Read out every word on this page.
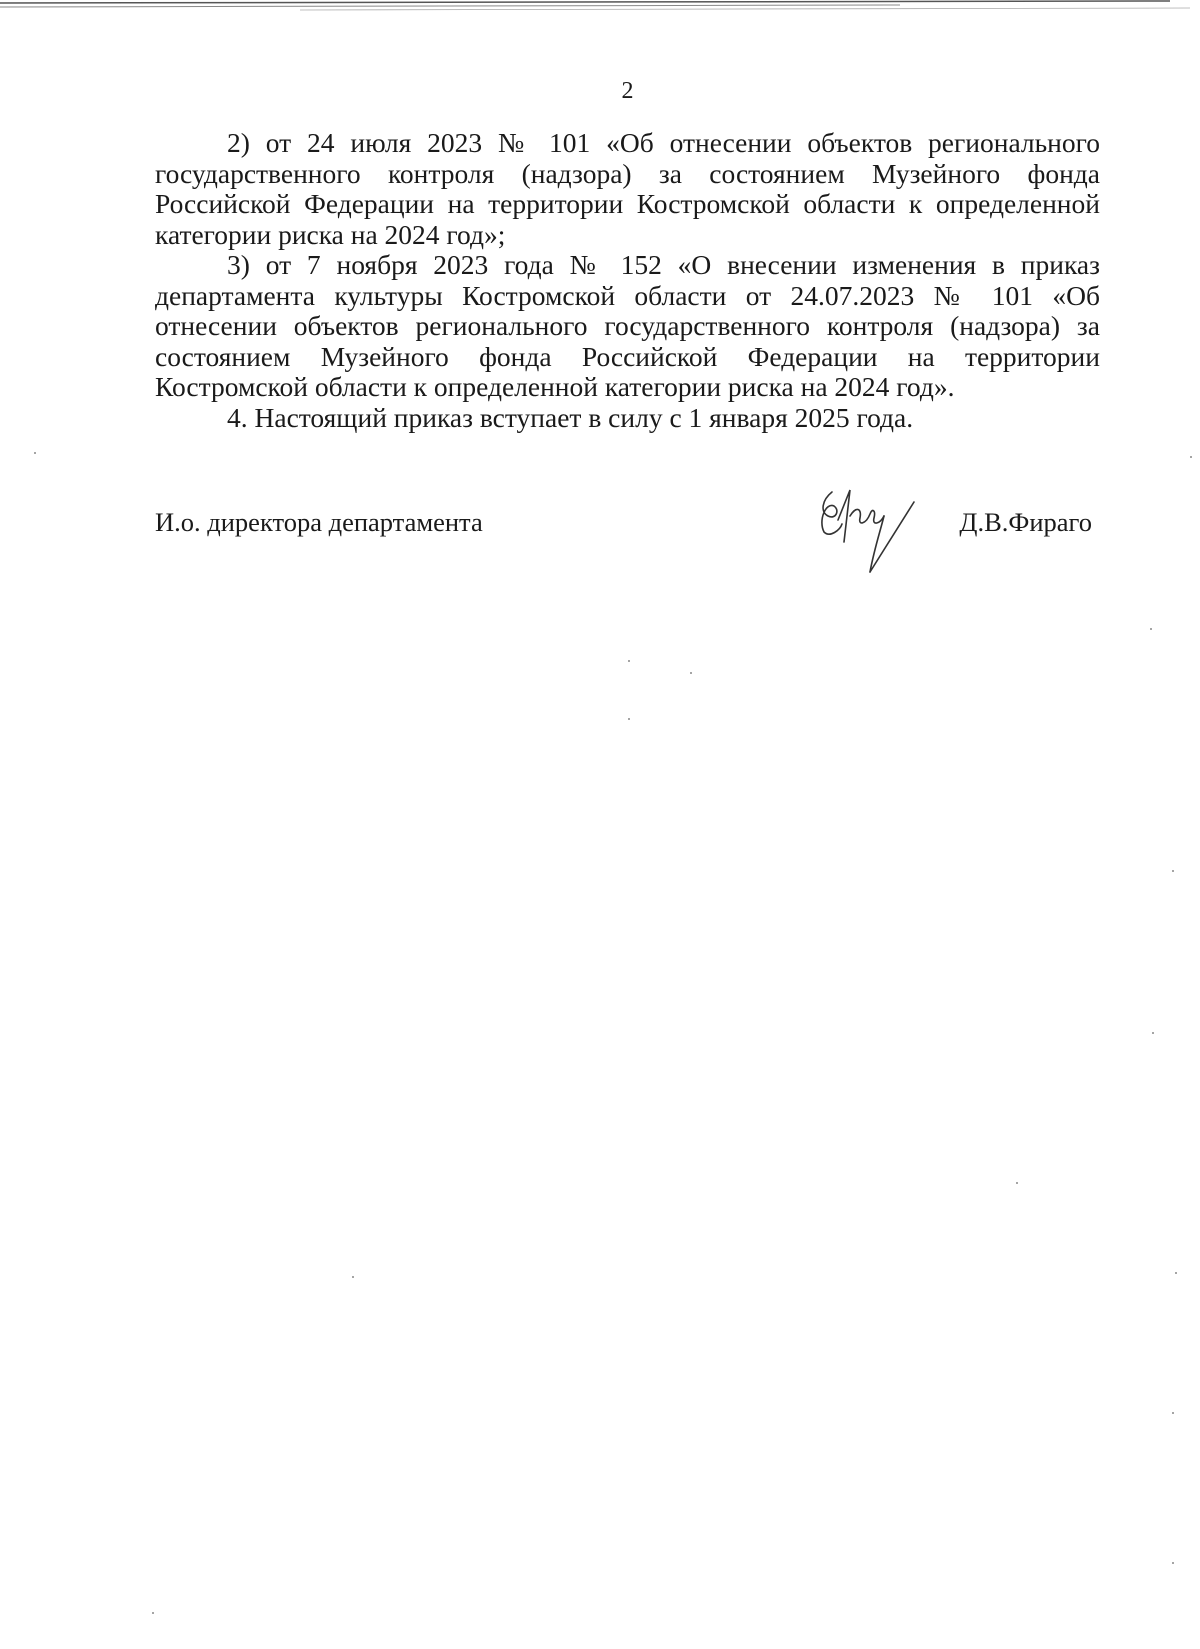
2

2) от 24 июля 2023 № 101 «Об отнесении объектов регионального государственного контроля (надзора) за состоянием Музейного фонда Российской Федерации на территории Костромской области к определенной категории риска на 2024 год»;

3) от 7 ноября 2023 года № 152 «О внесении изменения в приказ департамента культуры Костромской области от 24.07.2023 № 101 «Об отнесении объектов регионального государственного контроля (надзора) за состоянием Музейного фонда Российской Федерации на территории Костромской области к определенной категории риска на 2024 год».

4. Настоящий приказ вступает в силу с 1 января 2025 года.

И.о. директора департамента	Д.В.Фираго
